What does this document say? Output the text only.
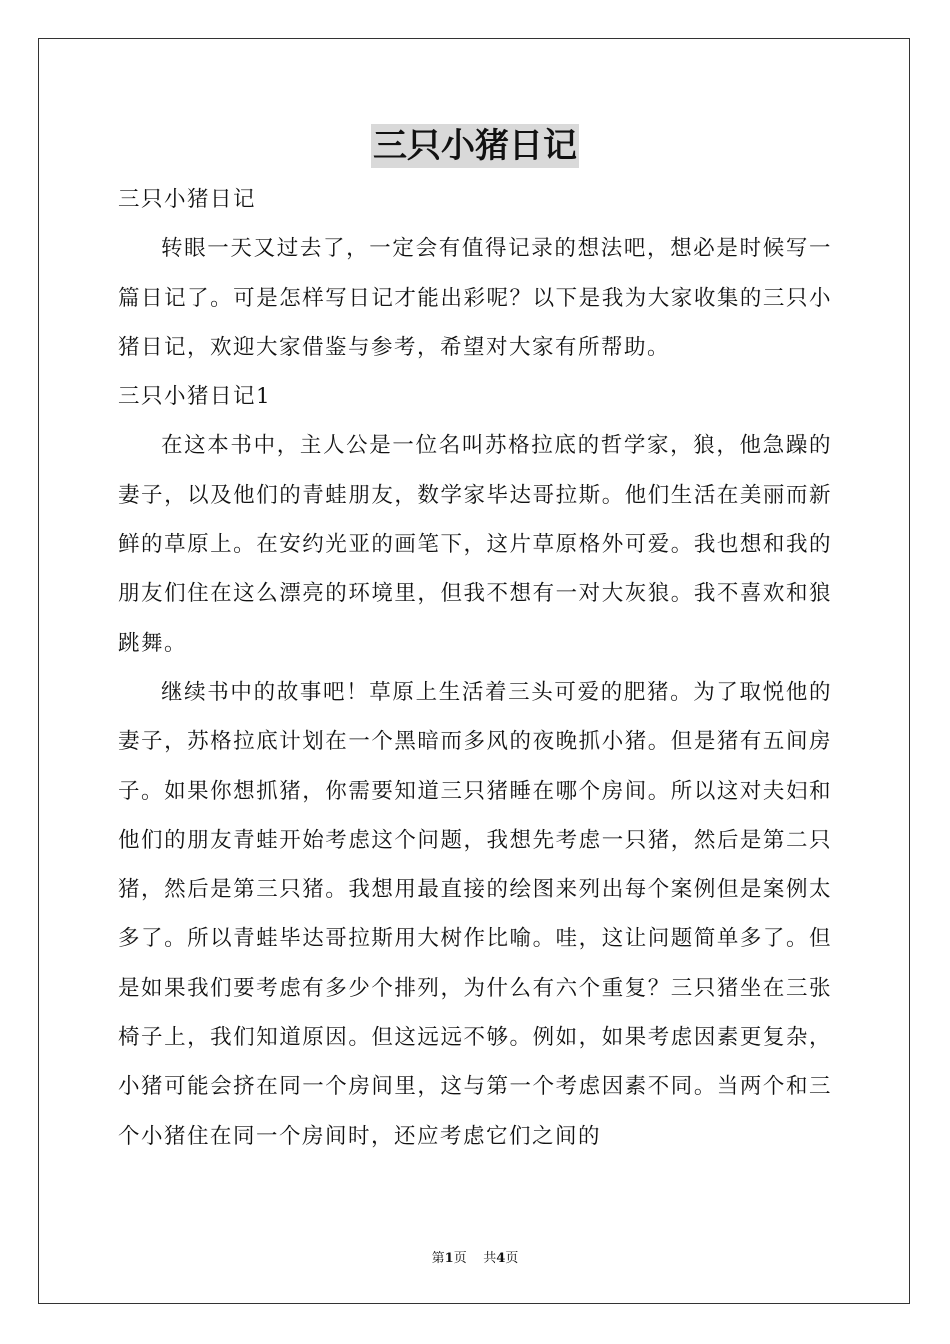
三只小猪日记

三只小猪日记

转眼一天又过去了，一定会有值得记录的想法吧，想必是时候写一篇日记了。可是怎样写日记才能出彩呢？以下是我为大家收集的三只小猪日记，欢迎大家借鉴与参考，希望对大家有所帮助。

三只小猪日记1

在这本书中，主人公是一位名叫苏格拉底的哲学家，狼，他急躁的妻子，以及他们的青蛙朋友，数学家毕达哥拉斯。他们生活在美丽而新鲜的草原上。在安约光亚的画笔下，这片草原格外可爱。我也想和我的朋友们住在这么漂亮的环境里，但我不想有一对大灰狼。我不喜欢和狼跳舞。

继续书中的故事吧！草原上生活着三头可爱的肥猪。为了取悦他的妻子，苏格拉底计划在一个黑暗而多风的夜晚抓小猪。但是猪有五间房子。如果你想抓猪，你需要知道三只猪睡在哪个房间。所以这对夫妇和他们的朋友青蛙开始考虑这个问题，我想先考虑一只猪，然后是第二只猪，然后是第三只猪。我想用最直接的绘图来列出每个案例但是案例太多了。所以青蛙毕达哥拉斯用大树作比喻。哇，这让问题简单多了。但是如果我们要考虑有多少个排列，为什么有六个重复？三只猪坐在三张椅子上，我们知道原因。但这远远不够。例如，如果考虑因素更复杂，小猪可能会挤在同一个房间里，这与第一个考虑因素不同。当两个和三个小猪住在同一个房间时，还应考虑它们之间的

第1页 共4页
